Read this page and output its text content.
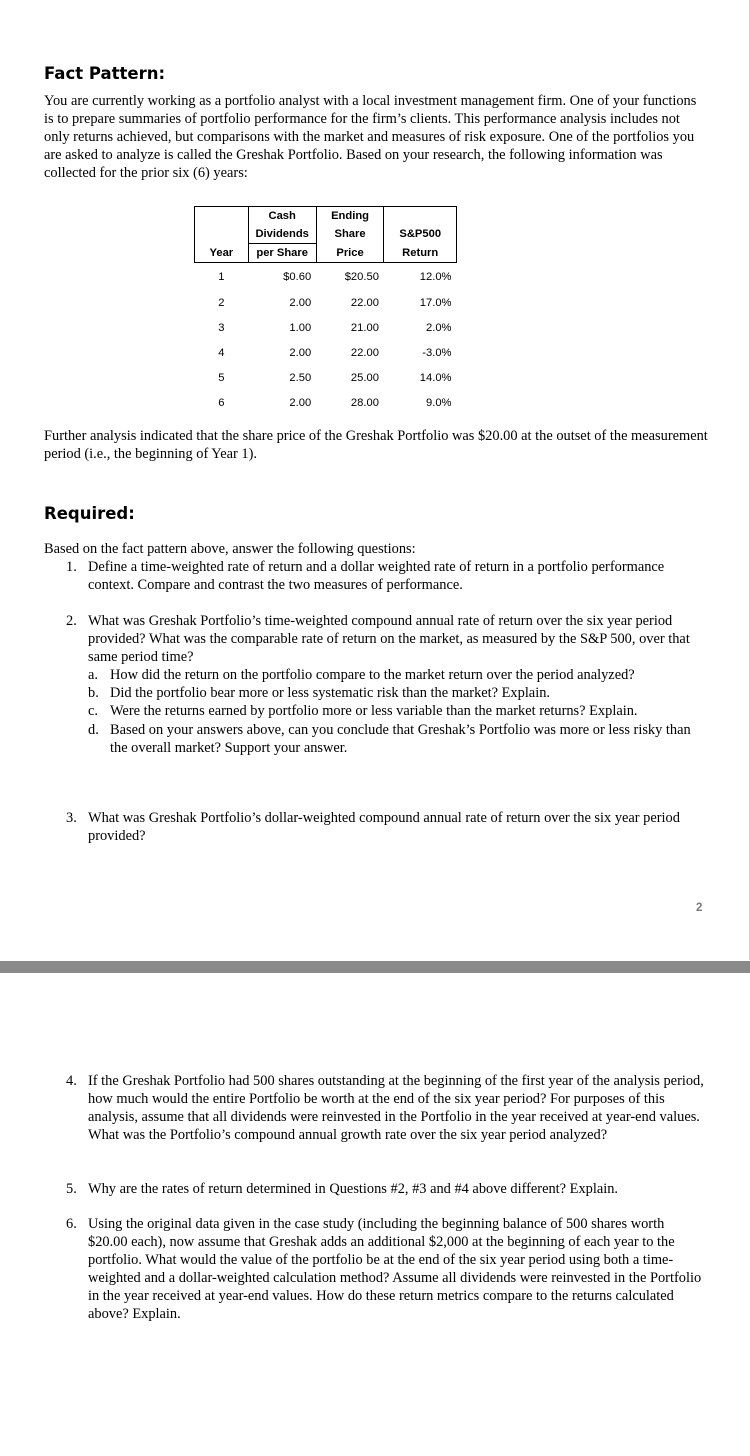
Fact Pattern:

You are currently working as a portfolio analyst with a local investment management firm. One of your functions is to prepare summaries of portfolio performance for the firm’s clients. This performance analysis includes not only returns achieved, but comparisons with the market and measures of risk exposure. One of the portfolios you are asked to analyze is called the Greshak Portfolio. Based on your research, the following information was collected for the prior six (6) years:

	Cash	Ending	
	Dividends	Share	S&P500
Year	per Share	Price	Return
1	$0.60	$20.50	12.0%
2	2.00	22.00	17.0%
3	1.00	21.00	2.0%
4	2.00	22.00	-3.0%
5	2.50	25.00	14.0%
6	2.00	28.00	9.0%

Further analysis indicated that the share price of the Greshak Portfolio was $20.00 at the outset of the measurement period (i.e., the beginning of Year 1).

Required:

Based on the fact pattern above, answer the following questions:

1. Define a time-weighted rate of return and a dollar weighted rate of return in a portfolio performance context. Compare and contrast the two measures of performance.
2. What was Greshak Portfolio’s time-weighted compound annual rate of return over the six year period provided? What was the comparable rate of return on the market, as measured by the S&P 500, over that same period time?
a. How did the return on the portfolio compare to the market return over the period analyzed?
b. Did the portfolio bear more or less systematic risk than the market? Explain.
c. Were the returns earned by portfolio more or less variable than the market returns? Explain.
d. Based on your answers above, can you conclude that Greshak’s Portfolio was more or less risky than the overall market? Support your answer.
3. What was Greshak Portfolio’s dollar-weighted compound annual rate of return over the six year period provided?
2
4. If the Greshak Portfolio had 500 shares outstanding at the beginning of the first year of the analysis period, how much would the entire Portfolio be worth at the end of the six year period? For purposes of this analysis, assume that all dividends were reinvested in the Portfolio in the year received at year-end values. What was the Portfolio’s compound annual growth rate over the six year period analyzed?
5. Why are the rates of return determined in Questions #2, #3 and #4 above different? Explain.
6. Using the original data given in the case study (including the beginning balance of 500 shares worth $20.00 each), now assume that Greshak adds an additional $2,000 at the beginning of each year to the portfolio. What would the value of the portfolio be at the end of the six year period using both a time-weighted and a dollar-weighted calculation method? Assume all dividends were reinvested in the Portfolio in the year received at year-end values. How do these return metrics compare to the returns calculated above? Explain.
